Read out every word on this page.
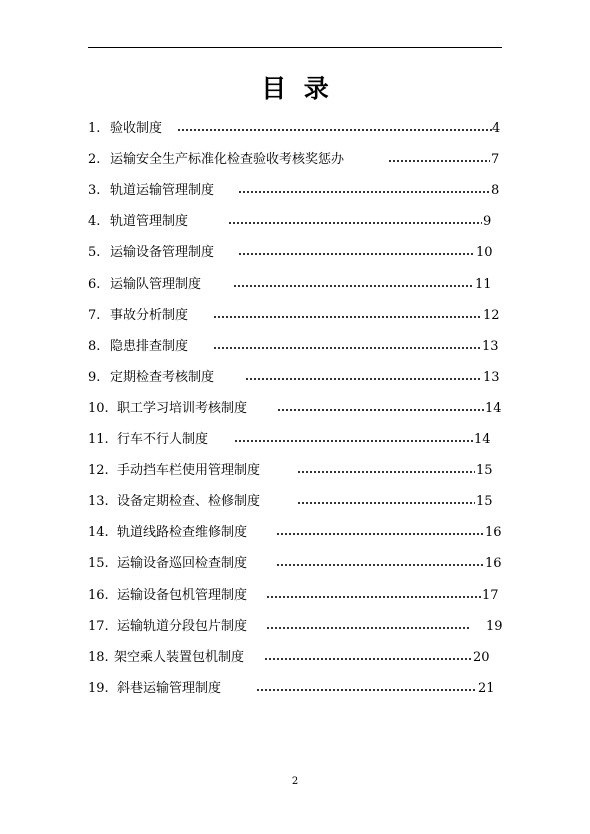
目  录
1. 验收制度	4
2. 运输安全生产标准化检查验收考核奖惩办	7
3. 轨道运输管理制度	8
4. 轨道管理制度	9
5. 运输设备管理制度	10
6. 运输队管理制度	11
7. 事故分析制度	12
8. 隐患排查制度	13
9. 定期检查考核制度	13
10. 职工学习培训考核制度	14
11. 行车不行人制度	14
12. 手动挡车栏使用管理制度	15
13. 设备定期检查、检修制度	15
14. 轨道线路检查维修制度	16
15. 运输设备巡回检查制度	16
16. 运输设备包机管理制度	17
17. 运输轨道分段包片制度	19
18. 架空乘人装置包机制度	20
19. 斜巷运输管理制度	21
2
